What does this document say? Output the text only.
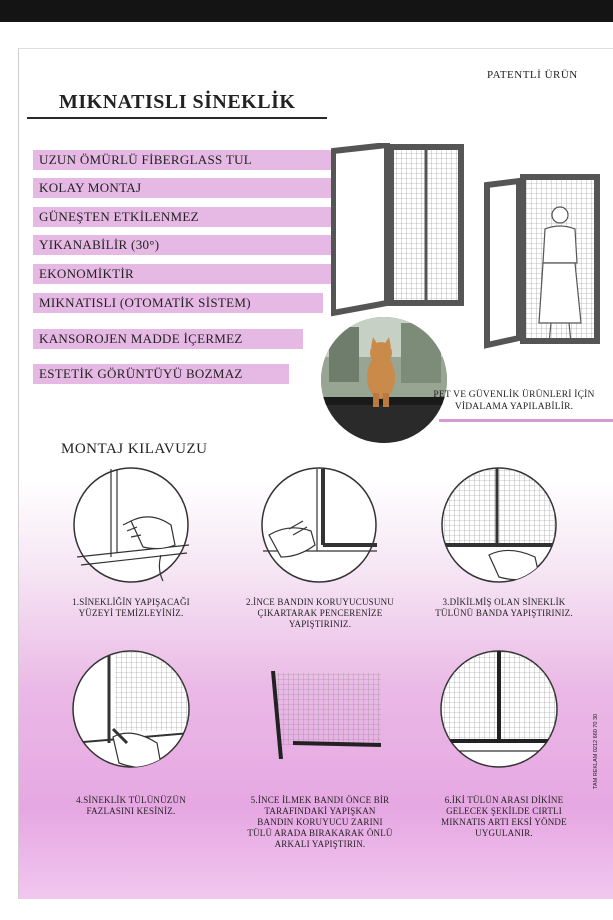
PATENTLİ ÜRÜN
MIKNATISLI SİNEKLİK
UZUN ÖMÜRLÜ FİBERGLASS TUL
KOLAY MONTAJ
GÜNEŞTEN ETKİLENMEZ
YIKANABİLİR (30°)
EKONOMİKTİR
MIKNATISLI (OTOMATİK SİSTEM)
KANSOROJEN MADDE İÇERMEZ
ESTETİK GÖRÜNTÜYÜ BOZMAZ
PET VE GÜVENLİK ÜRÜNLERİ İÇİN
VİDALAMA YAPILABİLİR.
MONTAJ KILAVUZU
1.SİNEKLİĞİN YAPIŞACAĞI
YÜZEYİ TEMİZLEYİNİZ.
2.İNCE BANDIN KORUYUCUSUNU
ÇIKARTARAK PENCERENİZE
YAPIŞTIRINIZ.
3.DİKİLMİŞ OLAN SİNEKLİK
TÜLÜNÜ BANDA YAPIŞTIRINIZ.
4.SİNEKLİK TÜLÜNÜZÜN
FAZLASINI KESİNİZ.
5.İNCE İLMEK BANDI ÖNCE BİR
TARAFINDAKİ YAPIŞKAN
BANDIN KORUYUCU ZARINI
TÜLÜ ARADA BIRAKARAK ÖNLÜ
ARKALI YAPIŞTIRIN.
6.İKİ TÜLÜN ARASI DİKİNE
GELECEK ŞEKİLDE CIRTLI
MIKNATIS ARTI EKSİ YÖNDE
UYGULANIR.
TAM REKLAM 0212 660 70 30
